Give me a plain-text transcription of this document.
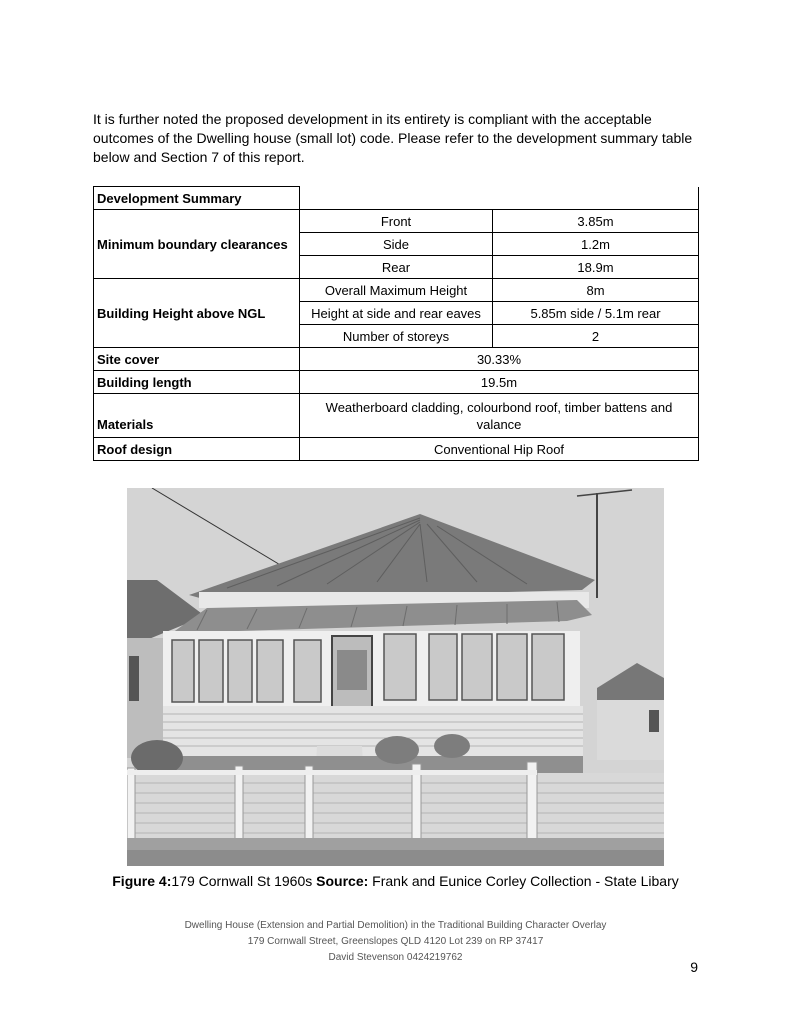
It is further noted the proposed development in its entirety is compliant with the acceptable outcomes of the Dwelling house (small lot) code. Please refer to the development summary table below and Section 7 of this report.

Development Summary		
Minimum boundary clearances	Front	3.85m
	Side	1.2m
	Rear	18.9m
Building Height above NGL	Overall Maximum Height	8m
	Height at side and rear eaves	5.85m side / 5.1m rear
	Number of storeys	2
Site cover	30.33%	
Building length	19.5m	
Materials	Weatherboard cladding, colourbond roof, timber battens and valance	
Roof design	Conventional Hip Roof	
Figure 4:179 Cornwall St 1960s Source: Frank and Eunice Corley Collection - State Libary
Dwelling House (Extension and Partial Demolition) in the Traditional Building Character Overlay
179 Cornwall Street, Greenslopes QLD 4120 Lot 239 on RP 37417
David Stevenson 0424219762
9
